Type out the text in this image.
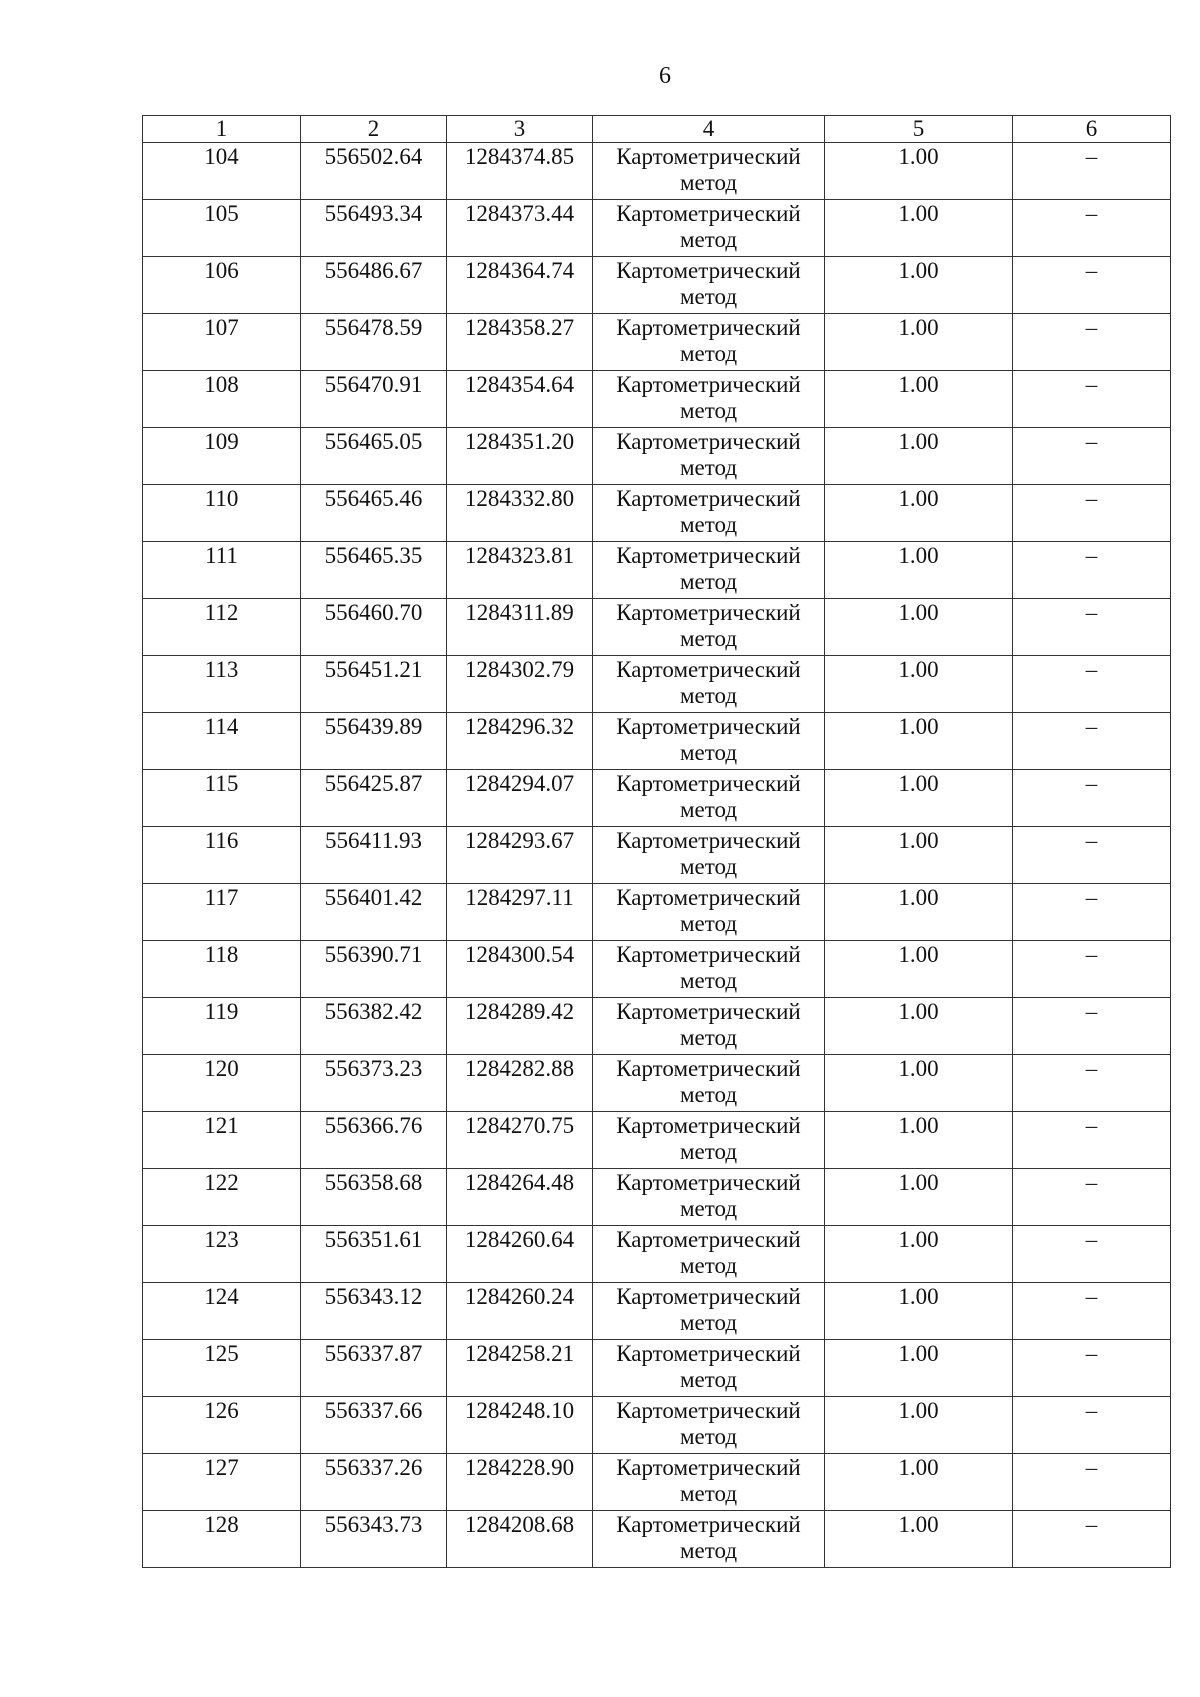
6
1	2	3	4	5	6
104	556502.64	1284374.85	Картометрический метод	1.00	–
105	556493.34	1284373.44	Картометрический метод	1.00	–
106	556486.67	1284364.74	Картометрический метод	1.00	–
107	556478.59	1284358.27	Картометрический метод	1.00	–
108	556470.91	1284354.64	Картометрический метод	1.00	–
109	556465.05	1284351.20	Картометрический метод	1.00	–
110	556465.46	1284332.80	Картометрический метод	1.00	–
111	556465.35	1284323.81	Картометрический метод	1.00	–
112	556460.70	1284311.89	Картометрический метод	1.00	–
113	556451.21	1284302.79	Картометрический метод	1.00	–
114	556439.89	1284296.32	Картометрический метод	1.00	–
115	556425.87	1284294.07	Картометрический метод	1.00	–
116	556411.93	1284293.67	Картометрический метод	1.00	–
117	556401.42	1284297.11	Картометрический метод	1.00	–
118	556390.71	1284300.54	Картометрический метод	1.00	–
119	556382.42	1284289.42	Картометрический метод	1.00	–
120	556373.23	1284282.88	Картометрический метод	1.00	–
121	556366.76	1284270.75	Картометрический метод	1.00	–
122	556358.68	1284264.48	Картометрический метод	1.00	–
123	556351.61	1284260.64	Картометрический метод	1.00	–
124	556343.12	1284260.24	Картометрический метод	1.00	–
125	556337.87	1284258.21	Картометрический метод	1.00	–
126	556337.66	1284248.10	Картометрический метод	1.00	–
127	556337.26	1284228.90	Картометрический метод	1.00	–
128	556343.73	1284208.68	Картометрический метод	1.00	–
